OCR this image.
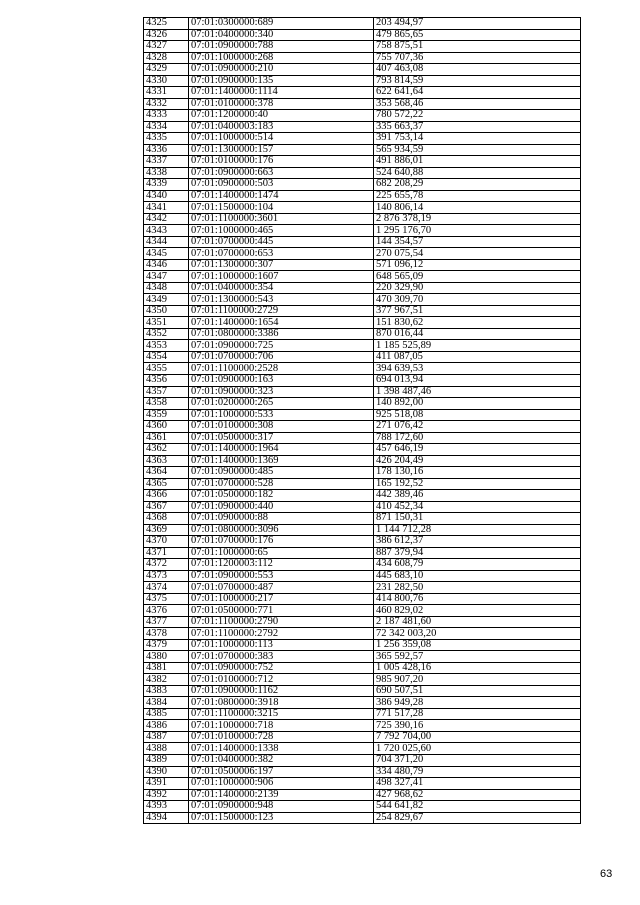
4325	07:01:0300000:689	203 494,97
4326	07:01:0400000:340	479 865,65
4327	07:01:0900000:788	758 875,51
4328	07:01:1000000:268	755 707,36
4329	07:01:0900000:210	407 463,08
4330	07:01:0900000:135	793 814,59
4331	07:01:1400000:1114	622 641,64
4332	07:01:0100000:378	353 568,46
4333	07:01:1200000:40	780 572,22
4334	07:01:0400003:183	335 663,37
4335	07:01:1000000:514	391 753,14
4336	07:01:1300000:157	565 934,59
4337	07:01:0100000:176	491 886,01
4338	07:01:0900000:663	524 640,88
4339	07:01:0900000:503	682 208,29
4340	07:01:1400000:1474	225 655,78
4341	07:01:1500000:104	140 806,14
4342	07:01:1100000:3601	2 876 378,19
4343	07:01:1000000:465	1 295 176,70
4344	07:01:0700000:445	144 354,57
4345	07:01:0700000:653	270 075,54
4346	07:01:1300000:307	571 096,12
4347	07:01:1000000:1607	648 565,09
4348	07:01:0400000:354	220 329,90
4349	07:01:1300000:543	470 309,70
4350	07:01:1100000:2729	377 967,51
4351	07:01:1400000:1654	151 830,62
4352	07:01:0800000:3386	870 016,44
4353	07:01:0900000:725	1 185 525,89
4354	07:01:0700000:706	411 087,05
4355	07:01:1100000:2528	394 639,53
4356	07:01:0900000:163	694 013,94
4357	07:01:0900000:323	1 398 487,46
4358	07:01:0200000:265	140 892,00
4359	07:01:1000000:533	925 518,08
4360	07:01:0100000:308	271 076,42
4361	07:01:0500000:317	788 172,60
4362	07:01:1400000:1964	457 646,19
4363	07:01:1400000:1369	426 204,49
4364	07:01:0900000:485	178 130,16
4365	07:01:0700000:528	165 192,52
4366	07:01:0500000:182	442 389,46
4367	07:01:0900000:440	410 452,34
4368	07:01:0900000:88	871 150,31
4369	07:01:0800000:3096	1 144 712,28
4370	07:01:0700000:176	386 612,37
4371	07:01:1000000:65	887 379,94
4372	07:01:1200003:112	434 608,79
4373	07:01:0900000:553	445 683,10
4374	07:01:0700000:487	231 282,50
4375	07:01:1000000:217	414 800,76
4376	07:01:0500000:771	460 829,02
4377	07:01:1100000:2790	2 187 481,60
4378	07:01:1100000:2792	72 342 003,20
4379	07:01:1000000:113	1 256 359,08
4380	07:01:0700000:383	365 592,57
4381	07:01:0900000:752	1 005 428,16
4382	07:01:0100000:712	985 907,20
4383	07:01:0900000:1162	690 507,51
4384	07:01:0800000:3918	386 949,28
4385	07:01:1100000:3215	771 517,28
4386	07:01:1000000:718	725 390,16
4387	07:01:0100000:728	7 792 704,00
4388	07:01:1400000:1338	1 720 025,60
4389	07:01:0400000:382	704 371,20
4390	07:01:0500006:197	334 480,79
4391	07:01:1000000:906	498 327,41
4392	07:01:1400000:2139	427 968,62
4393	07:01:0900000:948	544 641,82
4394	07:01:1500000:123	254 829,67
63
